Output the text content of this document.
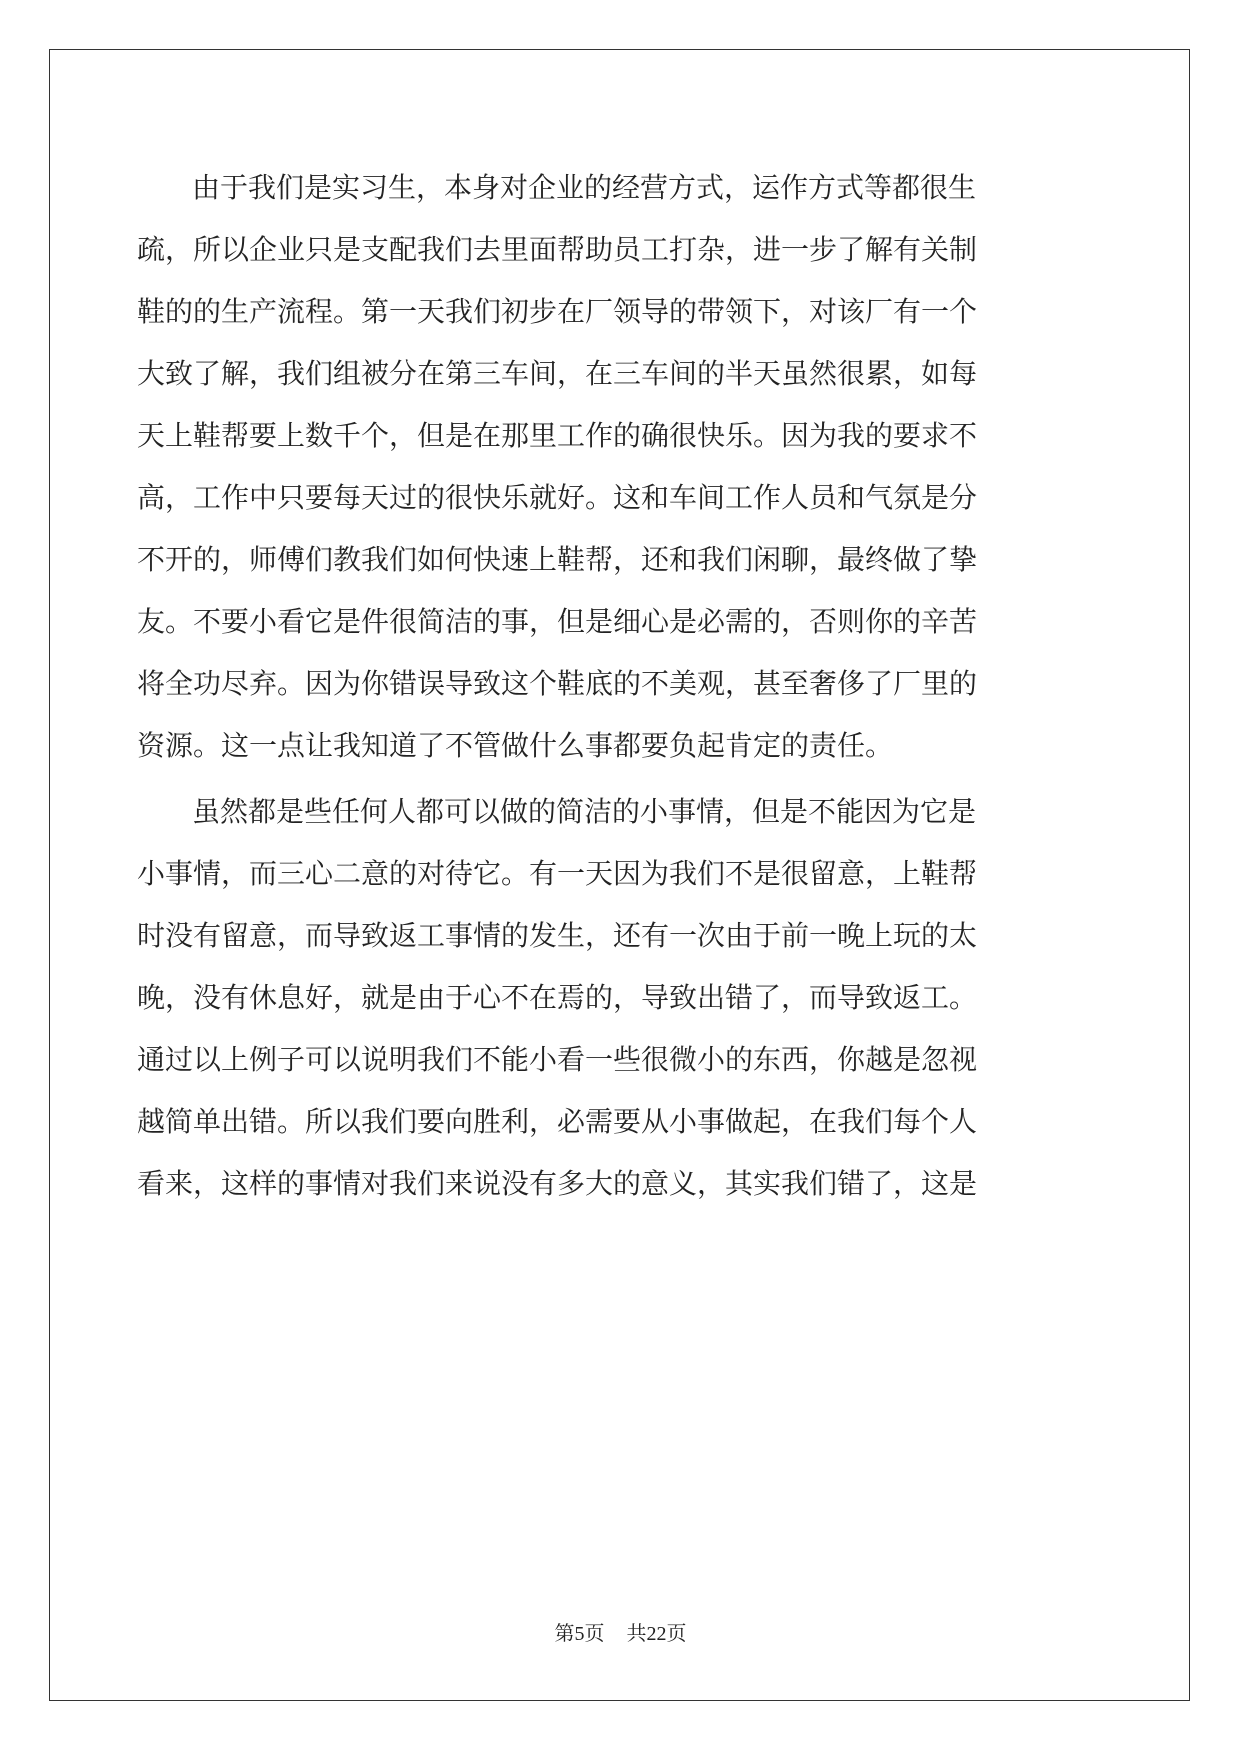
由于我们是实习生，本身对企业的经营方式，运作方式等都很生
疏，所以企业只是支配我们去里面帮助员工打杂，进一步了解有关制
鞋的的生产流程。第一天我们初步在厂领导的带领下，对该厂有一个
大致了解，我们组被分在第三车间，在三车间的半天虽然很累，如每
天上鞋帮要上数千个，但是在那里工作的确很快乐。因为我的要求不
高，工作中只要每天过的很快乐就好。这和车间工作人员和气氛是分
不开的，师傅们教我们如何快速上鞋帮，还和我们闲聊，最终做了挚
友。不要小看它是件很简洁的事，但是细心是必需的，否则你的辛苦
将全功尽弃。因为你错误导致这个鞋底的不美观，甚至奢侈了厂里的
资源。这一点让我知道了不管做什么事都要负起肯定的责任。
虽然都是些任何人都可以做的简洁的小事情，但是不能因为它是
小事情，而三心二意的对待它。有一天因为我们不是很留意，上鞋帮
时没有留意，而导致返工事情的发生，还有一次由于前一晚上玩的太
晚，没有休息好，就是由于心不在焉的，导致出错了，而导致返工。
通过以上例子可以说明我们不能小看一些很微小的东西，你越是忽视
越简单出错。所以我们要向胜利，必需要从小事做起，在我们每个人
看来，这样的事情对我们来说没有多大的意义，其实我们错了，这是
第5页 共22页
